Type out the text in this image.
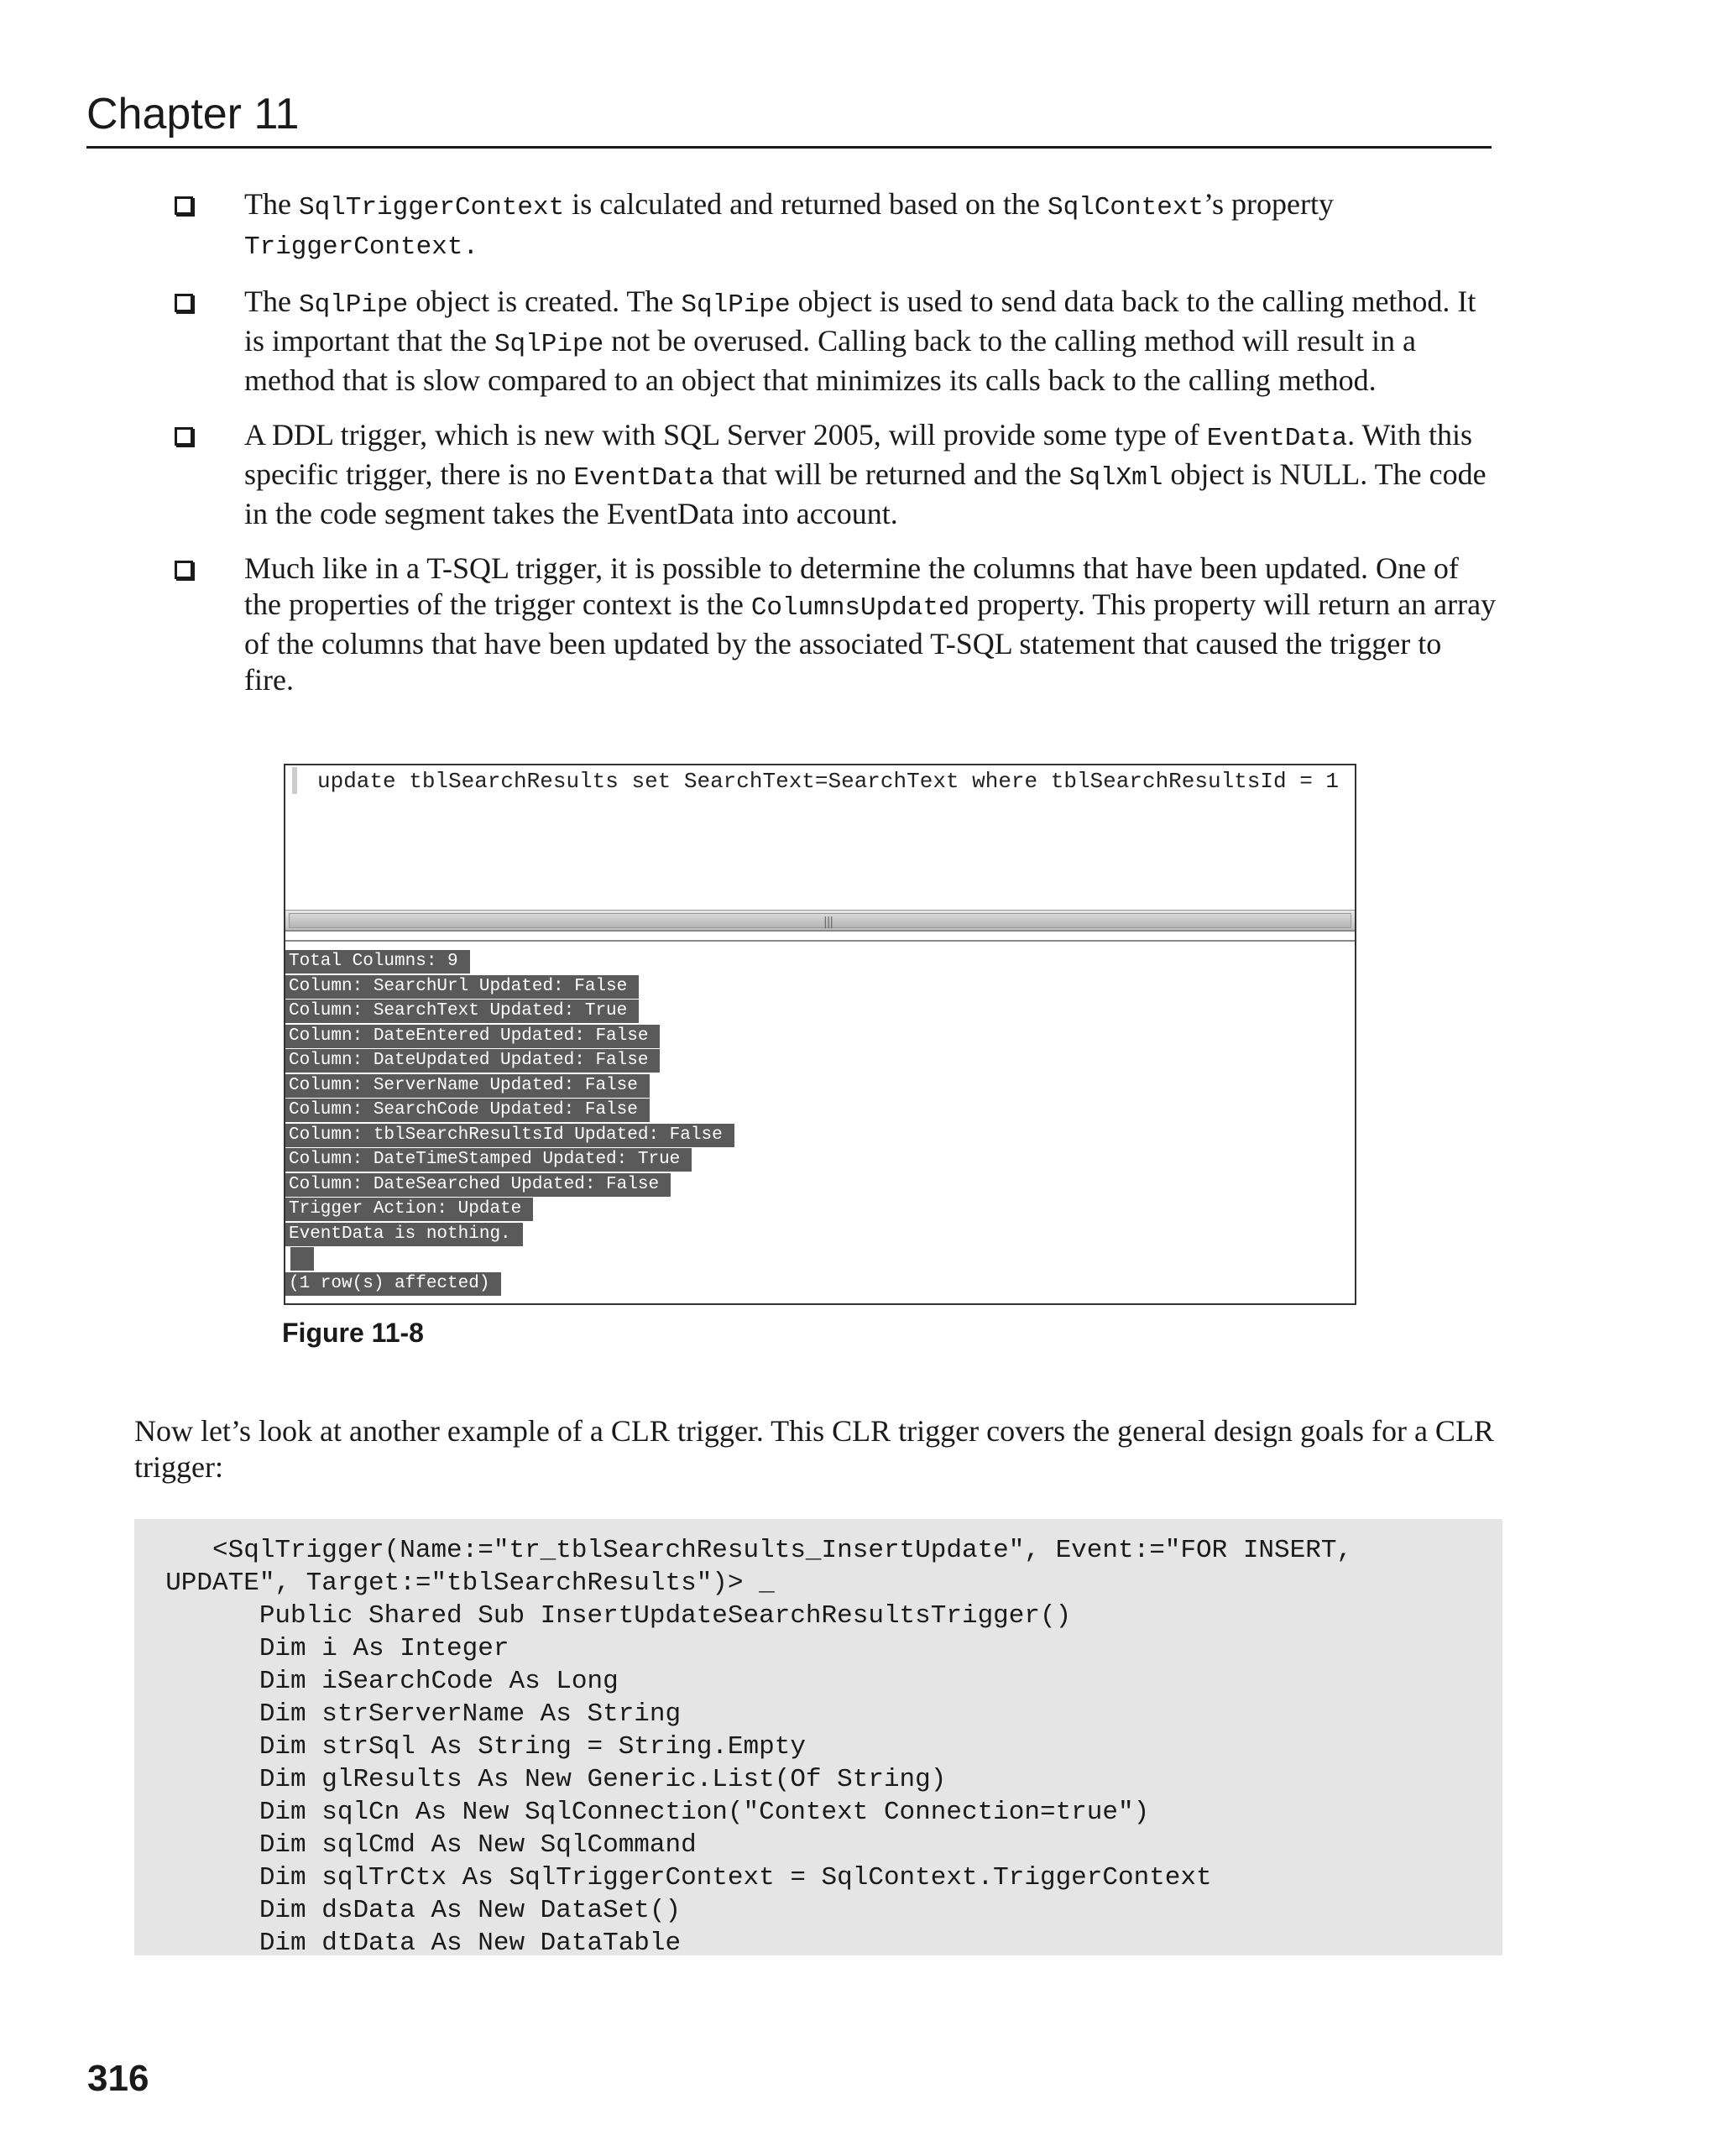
Chapter 11
The SqlTriggerContext is calculated and returned based on the SqlContext’s property TriggerContext.
The SqlPipe object is created. The SqlPipe object is used to send data back to the calling method. It is important that the SqlPipe not be overused. Calling back to the calling method will result in a method that is slow compared to an object that minimizes its calls back to the calling method.
A DDL trigger, which is new with SQL Server 2005, will provide some type of EventData. With this specific trigger, there is no EventData that will be returned and the SqlXml object is NULL. The code in the code segment takes the EventData into account.
Much like in a T-SQL trigger, it is possible to determine the columns that have been updated. One of the properties of the trigger context is the ColumnsUpdated property. This property will return an array of the columns that have been updated by the associated T-SQL statement that caused the trigger to fire.
update tblSearchResults set SearchText=SearchText where tblSearchResultsId = 1
|||
Total Columns: 9
Column: SearchUrl Updated: False
Column: SearchText Updated: True
Column: DateEntered Updated: False
Column: DateUpdated Updated: False
Column: ServerName Updated: False
Column: SearchCode Updated: False
Column: tblSearchResultsId Updated: False
Column: DateTimeStamped Updated: True
Column: DateSearched Updated: False
Trigger Action: Update
EventData is nothing.
(1 row(s) affected)
Figure 11-8

Now let’s look at another example of a CLR trigger. This CLR trigger covers the general design goals for a CLR trigger:

<SqlTrigger(Name:="tr_tblSearchResults_InsertUpdate", Event:="FOR INSERT,
UPDATE", Target:="tblSearchResults")> _
Public Shared Sub InsertUpdateSearchResultsTrigger()
Dim i As Integer
Dim iSearchCode As Long
Dim strServerName As String
Dim strSql As String = String.Empty
Dim glResults As New Generic.List(Of String)
Dim sqlCn As New SqlConnection("Context Connection=true")
Dim sqlCmd As New SqlCommand
Dim sqlTrCtx As SqlTriggerContext = SqlContext.TriggerContext
Dim dsData As New DataSet()
Dim dtData As New DataTable
316
